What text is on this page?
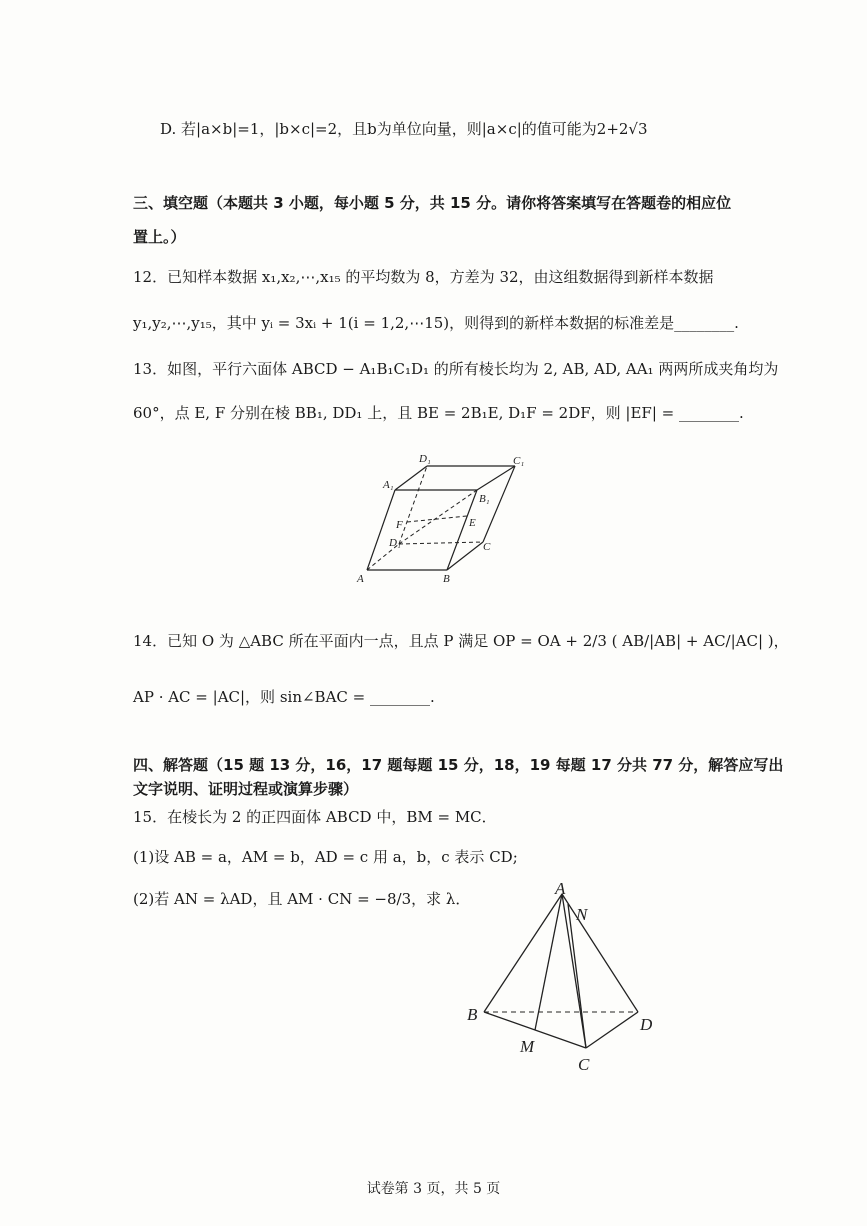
D. 若|a×b|=1，|b×c|=2，且b为单位向量，则|a×c|的值可能为2+2√3
三、填空题（本题共 3 小题，每小题 5 分，共 15 分。请你将答案填写在答题卷的相应位
置上。）
12．已知样本数据 x₁,x₂,⋯,x₁₅ 的平均数为 8，方差为 32，由这组数据得到新样本数据
y₁,y₂,⋯,y₁₅，其中 yᵢ = 3xᵢ + 1(i = 1,2,⋯15)，则得到的新样本数据的标准差是________.
13．如图，平行六面体 ABCD − A₁B₁C₁D₁ 的所有棱长均为 2, AB, AD, AA₁ 两两所成夹角均为
60°，点 E, F 分别在棱 BB₁, DD₁ 上，且 BE = 2B₁E, D₁F = 2DF，则 |EF| = ________.
A	B
C
D₁	C₁
A₁
B₁
E
F
D₁
14．已知 O 为 △ABC 所在平面内一点，且点 P 满足 OP = OA + 2/3 ( AB/|AB| + AC/|AC| )，
AP · AC = |AC|，则 sin∠BAC = ________.
四、解答题（15 题 13 分，16，17 题每题 15 分，18，19 每题 17 分共 77 分，解答应写出
文字说明、证明过程或演算步骤）
15．在棱长为 2 的正四面体 ABCD 中，BM = MC．
(1)设 AB = a，AM = b，AD = c 用 a，b，c 表示 CD;
(2)若 AN = λAD，且 AM · CN = −8/3，求 λ．
A
N
B
D
M
C
试卷第 3 页，共 5 页
